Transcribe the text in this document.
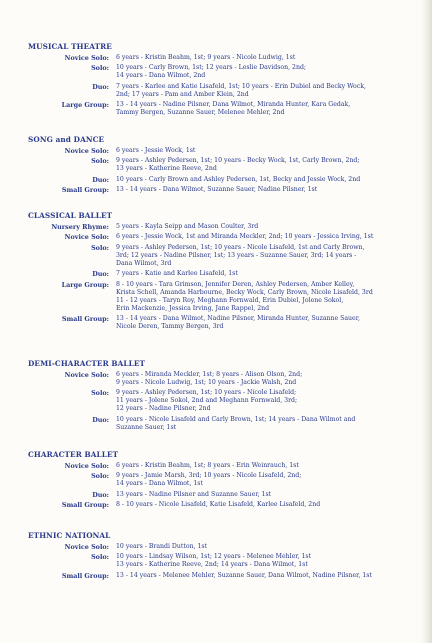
MUSICAL THEATRE
Novice Solo:	6 years - Kristin Beahm, 1st; 9 years - Nicole Ludwig, 1st
Solo:	10 years - Carly Brown, 1st; 12 years - Leslie Davidson, 2nd;
14 years - Dana Wilmot, 2nd
Duo:	7 years - Karlee and Katie Lisafeld, 1st; 10 years - Erin Dubiel and Becky Wock,
2nd; 17 years - Pam and Amber Klein, 2nd
Large Group:	13 - 14 years - Nadine Pilsner, Dana Wilmot, Miranda Hunter, Kara Gedak,
Tammy Bergen, Suzanne Sauer, Melenee Mehler, 2nd
SONG and DANCE
Novice Solo:	6 years - Jessie Wock, 1st
Solo:	9 years - Ashley Pedersen, 1st; 10 years - Becky Wock, 1st, Carly Brown, 2nd;
13 years - Katherine Reeve, 2nd
Duo:	10 years - Carly Brown and Ashley Pedersen, 1st, Becky and Jessie Wock, 2nd
Small Group:	13 - 14 years - Dana Wilmot, Suzanne Sauer, Nadine Pilsner, 1st
CLASSICAL BALLET
Nursery Rhyme:	5 years - Kayla Seipp and Mason Coulter, 3rd
Novice Solo:	6 years - Jessie Wock, 1st and Miranda Meckler, 2nd; 10 years - Jessica Irving, 1st
Solo:	9 years - Ashley Pedersen, 1st; 10 years - Nicole Lisafeld, 1st and Carly Brown,
3rd; 12 years - Nadine Pilsner, 1st; 13 years - Suzanne Sauer, 3rd; 14 years -
Dana Wilmot, 3rd
Duo:	7 years - Katie and Karlee Lisafeld, 1st
Large Group:	8 - 10 years - Tara Grimson, Jennifer Deren, Ashley Pedersen, Amber Kelley,
Krista Schell, Amanda Harbourne, Becky Wock, Carly Brown, Nicole Lisafeld, 3rd
11 - 12 years - Taryn Roy, Meghann Fornwald, Erin Dubiel, Jolene Sokol,
Erin Mackenzie, Jessica Irving, Jane Rappel, 2nd
Small Group:	13 - 14 years - Dana Wilmot, Nadine Pilsner, Miranda Hunter, Suzanne Sauer,
Nicole Deren, Tammy Bergen, 3rd
DEMI-CHARACTER BALLET
Novice Solo:	6 years - Miranda Meckler, 1st; 8 years - Alison Olson, 2nd;
9 years - Nicole Ludwig, 1st; 10 years - Jackie Walsh, 2nd
Solo:	9 years - Ashley Pedersen, 1st; 10 years - Nicole Lisafeld;
11 years - Jolene Sokol, 2nd and Meghann Fornwald, 3rd;
12 years - Nadine Pilsner, 2nd
Duo:	10 years - Nicole Lisafeld and Carly Brown, 1st; 14 years - Dana Wilmot and
Suzanne Sauer, 1st
CHARACTER BALLET
Novice Solo:	6 years - Kristin Beahm, 1st; 8 years - Erin Weinrauch, 1st
Solo:	9 years - Jamie Marsh, 3rd; 10 years - Nicole Lisafeld, 2nd;
14 years - Dana Wilmot, 1st
Duo:	13 years - Nadine Pilsner and Suzanne Sauer, 1st
Small Group:	8 - 10 years - Nicole Lisafeld, Katie Lisafeld, Karlee Lisafeld, 2nd
ETHNIC NATIONAL
Novice Solo:	10 years - Brandi Dutton, 1st
Solo:	10 years - Lindsay Wilson, 1st; 12 years - Melenee Mehler, 1st
13 years - Katherine Reeve, 2nd; 14 years - Dana Wilmot, 1st
Small Group:	13 - 14 years - Melenee Mehler, Suzanne Sauer, Dana Wilmot, Nadine Pilsner, 1st
